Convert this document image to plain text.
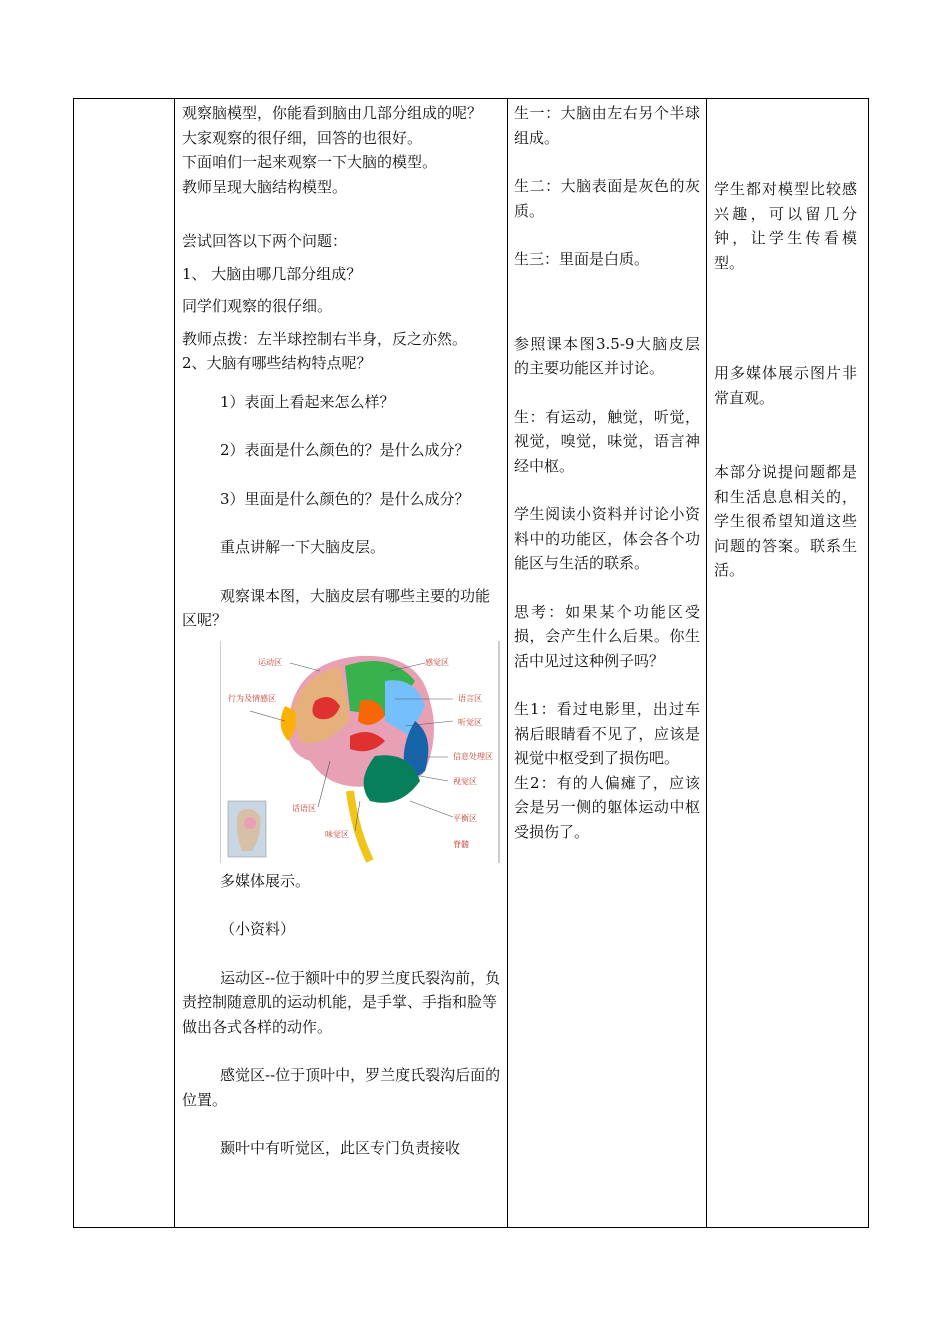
观察脑模型，你能看到脑由几部分组成的呢？

大家观察的很仔细，回答的也很好。

下面咱们一起来观察一下大脑的模型。

教师呈现大脑结构模型。

尝试回答以下两个问题：

1、 大脑由哪几部分组成？

同学们观察的很仔细。

教师点拨：左半球控制右半身，反之亦然。

2、大脑有哪些结构特点呢？

1）表面上看起来怎么样？

2）表面是什么颜色的？是什么成分？

3）里面是什么颜色的？是什么成分？

重点讲解一下大脑皮层。

观察课本图，大脑皮层有哪些主要的功能区呢？

运动区	感觉区
行为及情感区	语言区
听觉区
信息处理区
视觉区
话语区
平衡区
味觉区
脊髓

多媒体展示。

（小资料）

运动区--位于额叶中的罗兰度氏裂沟前，负责控制随意肌的运动机能，是手掌、手指和脸等做出各式各样的动作。

感觉区--位于顶叶中，罗兰度氏裂沟后面的位置。

颞叶中有听觉区，此区专门负责接收

生一：大脑由左右另个半球组成。

生二：大脑表面是灰色的灰质。

生三：里面是白质。

参照课本图3.5-9大脑皮层的主要功能区并讨论。

生：有运动，触觉，听觉，视觉，嗅觉，味觉，语言神经中枢。

学生阅读小资料并讨论小资料中的功能区，体会各个功能区与生活的联系。

思考：如果某个功能区受损，会产生什么后果。你生活中见过这种例子吗？

生1：看过电影里，出过车祸后眼睛看不见了，应该是视觉中枢受到了损伤吧。

生2：有的人偏瘫了，应该会是另一侧的躯体运动中枢受损伤了。

学生都对模型比较感兴趣，可以留几分钟，让学生传看模型。

用多媒体展示图片非常直观。

本部分说提问题都是和生活息息相关的，学生很希望知道这些问题的答案。联系生活。
